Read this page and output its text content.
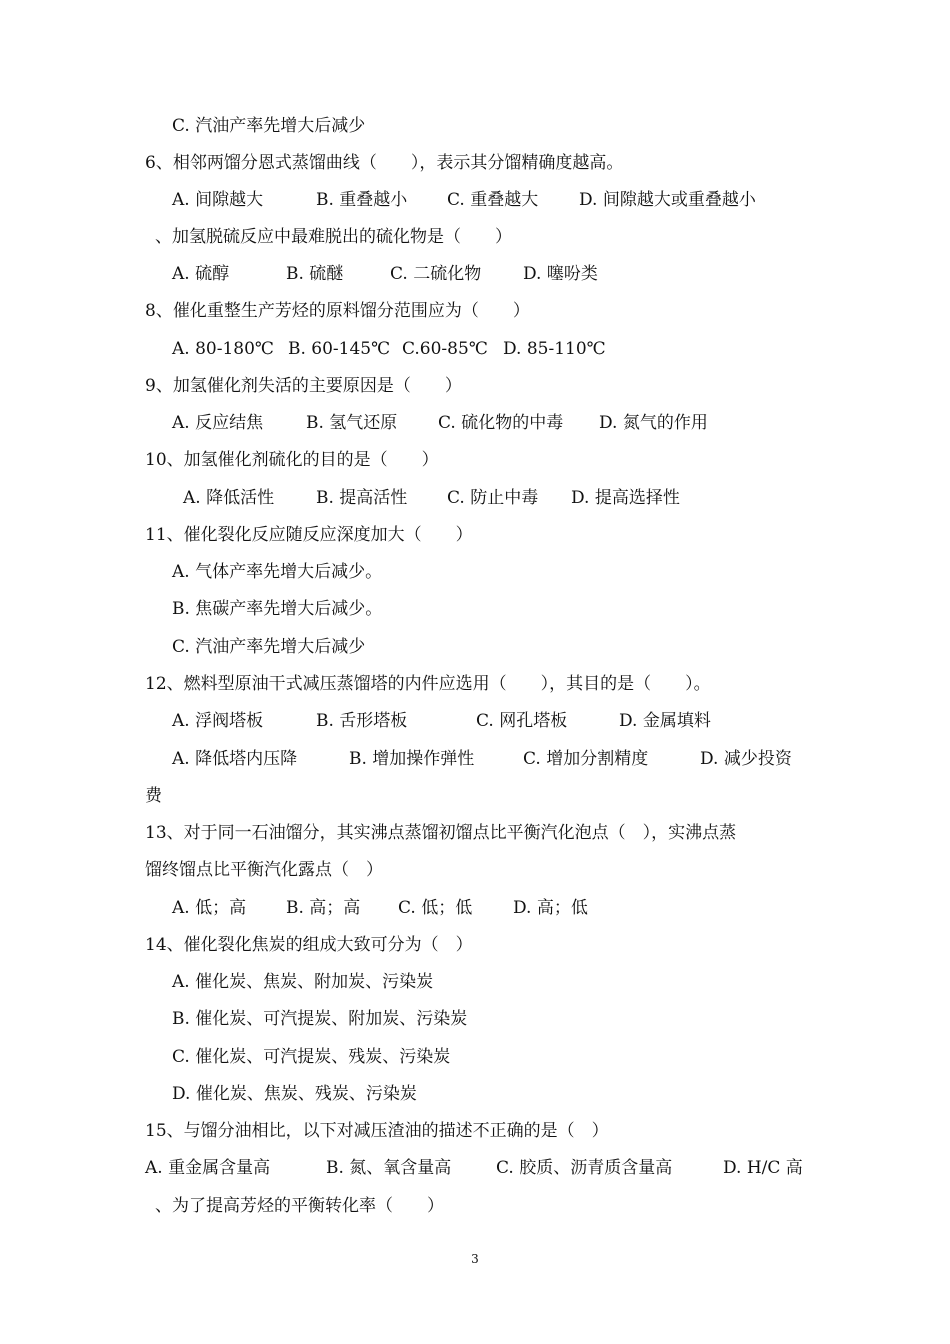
C. 汽油产率先增大后减少
6、相邻两馏分恩式蒸馏曲线（　　），表示其分馏精确度越高。
A. 间隙越大	B. 重叠越小 C. 重叠越大 D. 间隙越大或重叠越小
、加氢脱硫反应中最难脱出的硫化物是（　　）
A. 硫醇	B. 硫醚	C. 二硫化物 D. 噻吩类
8、催化重整生产芳烃的原料馏分范围应为（　　）
A. 80-180℃ B. 60-145℃ C.60-85℃ D. 85-110℃
9、加氢催化剂失活的主要原因是（　　）
A. 反应结焦	B. 氢气还原 C. 硫化物的中毒 D. 氮气的作用
10、加氢催化剂硫化的目的是（　　）
A. 降低活性 B. 提高活性 C. 防止中毒 D. 提高选择性
11、催化裂化反应随反应深度加大（　　）
A. 气体产率先增大后减少。
B. 焦碳产率先增大后减少。
C. 汽油产率先增大后减少
12、燃料型原油干式减压蒸馏塔的内件应选用（　　），其目的是（　　）。
A. 浮阀塔板	B. 舌形塔板	C. 网孔塔板	D. 金属填料
A. 降低塔内压降	B. 增加操作弹性	C. 增加分割精度	D. 减少投资
费
13、对于同一石油馏分，其实沸点蒸馏初馏点比平衡汽化泡点（　），实沸点蒸
馏终馏点比平衡汽化露点（　）
A. 低；高 B. 高；高 C. 低；低 D. 高；低
14、催化裂化焦炭的组成大致可分为（　）
A. 催化炭、焦炭、附加炭、污染炭
B. 催化炭、可汽提炭、附加炭、污染炭
C. 催化炭、可汽提炭、残炭、污染炭
D. 催化炭、焦炭、残炭、污染炭
15、与馏分油相比，以下对减压渣油的描述不正确的是（　）
A. 重金属含量高	B. 氮、氧含量高	C. 胶质、沥青质含量高	D. H/C 高
、为了提高芳烃的平衡转化率（　　）
3
